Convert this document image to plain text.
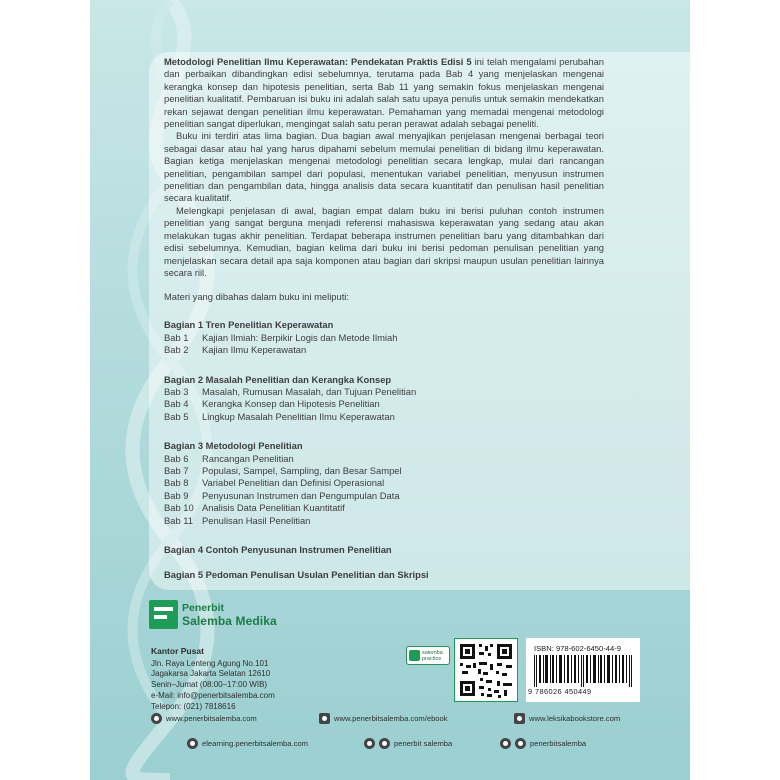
Metodologi Penelitian Ilmu Keperawatan: Pendekatan Praktis Edisi 5 ini telah mengalami perubahan dan perbaikan dibandingkan edisi sebelumnya, terutama pada Bab 4 yang menjelaskan mengenai kerangka konsep dan hipotesis penelitian, serta Bab 11 yang semakin fokus menjelaskan mengenai penelitian kualitatif. Pembaruan isi buku ini adalah salah satu upaya penulis untuk semakin mendekatkan rekan sejawat dengan penelitian ilmu keperawatan. Pemahaman yang memadai mengenai metodologi penelitian sangat diperlukan, mengingat salah satu peran perawat adalah sebagai peneliti.

Buku ini terdiri atas lima bagian. Dua bagian awal menyajikan penjelasan mengenai berbagai teori sebagai dasar atau hal yang harus dipahami sebelum memulai penelitian di bidang ilmu keperawatan. Bagian ketiga menjelaskan mengenai metodologi penelitian secara lengkap, mulai dari rancangan penelitian, pengambilan sampel dari populasi, menentukan variabel penelitian, menyusun instrumen penelitian dan pengambilan data, hingga analisis data secara kuantitatif dan penulisan hasil penelitian secara kualitatif.

Melengkapi penjelasan di awal, bagian empat dalam buku ini berisi puluhan contoh instrumen penelitian yang sangat berguna menjadi referensi mahasiswa keperawatan yang sedang atau akan melakukan tugas akhir penelitian. Terdapat beberapa instrumen penelitian baru yang ditambahkan dari edisi sebelumnya. Kemudian, bagian kelima dari buku ini berisi pedoman penulisan penelitian yang menjelaskan secara detail apa saja komponen atau bagian dari skripsi maupun usulan penelitian lainnya secara riil.

Materi yang dibahas dalam buku ini meliputi:
Bagian 1 Tren Penelitian Keperawatan
Bab 1	Kajian Ilmiah: Berpikir Logis dan Metode Ilmiah
Bab 2	Kajian Ilmu Keperawatan
Bagian 2 Masalah Penelitian dan Kerangka Konsep
Bab 3	Masalah, Rumusan Masalah, dan Tujuan Penelitian
Bab 4	Kerangka Konsep dan Hipotesis Penelitian
Bab 5	Lingkup Masalah Penelitian Ilmu Keperawatan
Bagian 3 Metodologi Penelitian
Bab 6	Rancangan Penelitian
Bab 7	Populasi, Sampel, Sampling, dan Besar Sampel
Bab 8	Variabel Penelitian dan Definisi Operasional
Bab 9	Penyusunan Instrumen dan Pengumpulan Data
Bab 10 Analisis Data Penelitian Kuantitatif
Bab 11 Penulisan Hasil Penelitian
Bagian 4 Contoh Penyusunan Instrumen Penelitian
Bagian 5 Pedoman Penulisan Usulan Penelitian dan Skripsi
Penerbit
Salemba Medika
Kantor Pusat
Jln. Raya Lenteng Agung No.101
Jagakarsa Jakarta Selatan 12610
Senin–Jumat (08:00–17:00 WIB)
e-Mail: info@penerbitsalemba.com
Telepon: (021) 7818616
salemba
practice
ISBN: 978-602-6450-44-9
9 786026 450449
www.penerbitsalemba.com	www.penerbitsalemba.com/ebook	www.leksikabookstore.com
elearning.penerbitsalemba.com	penerbit salemba	penerbitsalemba
